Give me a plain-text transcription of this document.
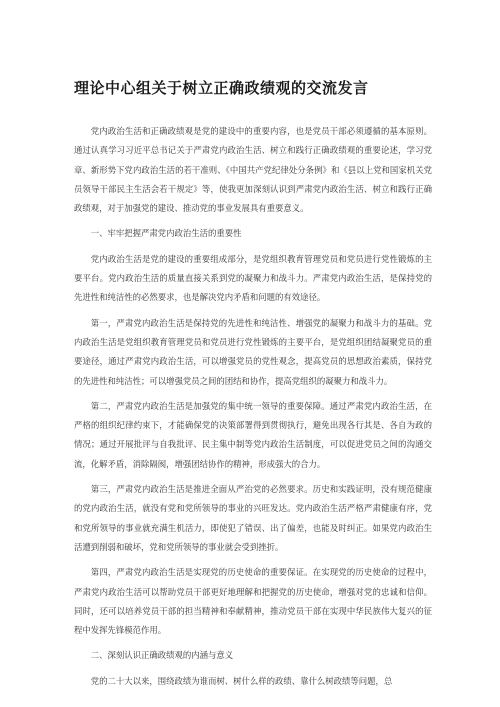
理论中心组关于树立正确政绩观的交流发言

党内政治生活和正确政绩观是党的建设中的重要内容，也是党员干部必须遵循的基本原则。通过认真学习习近平总书记关于严肃党内政治生活、树立和践行正确政绩观的重要论述，学习党章、新形势下党内政治生活的若干准则、《中国共产党纪律处分条例》和《县以上党和国家机关党员领导干部民主生活会若干规定》等，使我更加深刻认识到严肃党内政治生活、树立和践行正确政绩观，对于加强党的建设、推动党的事业发展具有重要意义。

一、牢牢把握严肃党内政治生活的重要性

党内政治生活是党的建设的重要组成部分，是党组织教育管理党员和党员进行党性锻炼的主要平台。党内政治生活的质量直接关系到党的凝聚力和战斗力。严肃党内政治生活，是保持党的先进性和纯洁性的必然要求，也是解决党内矛盾和问题的有效途径。

第一，严肃党内政治生活是保持党的先进性和纯洁性、增强党的凝聚力和战斗力的基础。党内政治生活是党组织教育管理党员和党员进行党性锻炼的主要平台，是党组织团结凝聚党员的重要途径，通过严肃党内政治生活，可以增强党员的党性观念，提高党员的思想政治素质，保持党的先进性和纯洁性；可以增强党员之间的团结和协作，提高党组织的凝聚力和战斗力。

第二，严肃党内政治生活是加强党的集中统一领导的重要保障。通过严肃党内政治生活，在严格的组织纪律约束下，才能确保党的决策部署得到贯彻执行，避免出现各行其是、各自为政的情况；通过开展批评与自我批评、民主集中制等党内政治生活制度，可以促进党员之间的沟通交流，化解矛盾，消除隔阂，增强团结协作的精神，形成强大的合力。

第三，严肃党内政治生活是推进全面从严治党的必然要求。历史和实践证明，没有规范健康的党内政治生活，就没有党和党所领导的事业的兴旺发达。党内政治生活严格严肃健康有序，党和党所领导的事业就充满生机活力，即使犯了错误、出了偏差，也能及时纠正。如果党内政治生活遭到削弱和破坏，党和党所领导的事业就会受到挫折。

第四，严肃党内政治生活是实现党的历史使命的重要保证。在实现党的历史使命的过程中，严肃党内政治生活可以帮助党员干部更好地理解和把握党的历史使命，增强对党的忠诚和信仰。同时，还可以培养党员干部的担当精神和奉献精神，推动党员干部在实现中华民族伟大复兴的征程中发挥先锋模范作用。

二、深刻认识正确政绩观的内涵与意义

党的二十大以来，围绕政绩为谁而树、树什么样的政绩、靠什么树政绩等问题，总
